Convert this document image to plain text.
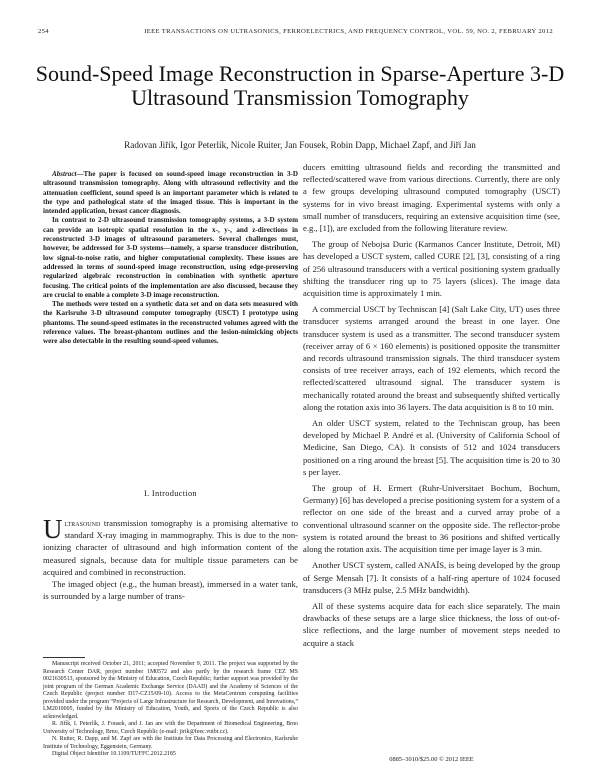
254	IEEE TRANSACTIONS ON ULTRASONICS, FERROELECTRICS, AND FREQUENCY CONTROL, VOL. 59, NO. 2, FEBRUARY 2012
Sound-Speed Image Reconstruction in Sparse-Aperture 3-D Ultrasound Transmission Tomography
Radovan Jiřík, Igor Peterlík, Nicole Ruiter, Jan Fousek, Robin Dapp, Michael Zapf, and Jiří Jan

Abstract—The paper is focused on sound-speed image reconstruction in 3-D ultrasound transmission tomography. Along with ultrasound reflectivity and the attenuation coefficient, sound speed is an important parameter which is related to the type and pathological state of the imaged tissue. This is important in the intended application, breast cancer diagnosis.

In contrast to 2-D ultrasound transmission tomography systems, a 3-D system can provide an isotropic spatial resolution in the x-, y-, and z-directions in reconstructed 3-D images of ultrasound parameters. Several challenges must, however, be addressed for 3-D systems—namely, a sparse transducer distribution, low signal-to-noise ratio, and higher computational complexity. These issues are addressed in terms of sound-speed image reconstruction, using edge-preserving regularized algebraic reconstruction in combination with synthetic aperture focusing. The critical points of the implementation are also discussed, because they are crucial to enable a complete 3-D image reconstruction.

The methods were tested on a synthetic data set and on data sets measured with the Karlsruhe 3-D ultrasound computer tomography (USCT) I prototype using phantoms. The sound-speed estimates in the reconstructed volumes agreed with the reference values. The breast-phantom outlines and the lesion-mimicking objects were also detectable in the resulting sound-speed volumes.

I. Introduction

Ultrasound transmission tomography is a promising alternative to standard X-ray imaging in mammography. This is due to the non-ionizing character of ultrasound and high information content of the measured signals, because data for multiple tissue parameters can be acquired and combined in reconstruction.

The imaged object (e.g., the human breast), immersed in a water tank, is surrounded by a large number of trans-

Manuscript received October 21, 2011; accepted November 9, 2011. The project was supported by the Research Center DAR, project number 1M0572 and also partly by the research frame CEZ MS 0021630513, sponsored by the Ministry of Education, Czech Republic; further support was provided by the joint program of the German Academic Exchange Service (DAAD) and the Academy of Sciences of the Czech Republic (project number D17-CZ15/09-10). Access to the MetaCentrum computing facilities provided under the program “Projects of Large Infrastructure for Research, Development, and Innovations,” LM2010005, funded by the Ministry of Education, Youth, and Sports of the Czech Republic is also acknowledged.

R. Jiřík, I. Peterlík, J. Fousek, and J. Jan are with the Department of Biomedical Engineering, Brno University of Technology, Brno, Czech Republic (e-mail: jirik@feec.vutbr.cz).

N. Ruiter, R. Dapp, and M. Zapf are with the Institute for Data Processing and Electronics, Karlsruhe Institute of Technology, Eggenstein, Germany.

Digital Object Identifier 10.1109/TUFFC.2012.2185

ducers emitting ultrasound fields and recording the transmitted and reflected/scattered wave from various directions. Currently, there are only a few groups developing ultrasound computed tomography (USCT) systems for in vivo breast imaging. Experimental systems with only a small number of transducers, requiring an extensive acquisition time (see, e.g., [1]), are excluded from the following literature review.

The group of Nebojsa Duric (Karmanos Cancer Institute, Detroit, MI) has developed a USCT system, called CURE [2], [3], consisting of a ring of 256 ultrasound transducers with a vertical positioning system gradually shifting the transducer ring up to 75 layers (slices). The image data acquisition time is approximately 1 min.

A commercial USCT by Techniscan [4] (Salt Lake City, UT) uses three transducer systems arranged around the breast in one layer. One transducer system is used as a transmitter. The second transducer system (receiver array of 6 × 160 elements) is positioned opposite the transmitter and records ultrasound transmission signals. The third transducer system consists of tree receiver arrays, each of 192 elements, which record the reflected/scattered ultrasound signal. The transducer system is mechanically rotated around the breast and subsequently shifted vertically along the rotation axis into 36 layers. The data acquisition is 8 to 10 min.

An older USCT system, related to the Techniscan group, has been developed by Michael P. André et al. (University of California School of Medicine, San Diego, CA). It consists of 512 and 1024 transducers positioned on a ring around the breast [5]. The acquisition time is 20 to 30 s per layer.

The group of H. Ermert (Ruhr-Universitaet Bochum, Bochum, Germany) [6] has developed a precise positioning system for a system of a reflector on one side of the breast and a curved array probe of a conventional ultrasound scanner on the opposite side. The reflector-probe system is rotated around the breast to 36 positions and shifted vertically along the rotation axis. The acquisition time per image layer is 3 min.

Another USCT system, called ANAÏS, is being developed by the group of Serge Mensah [7]. It consists of a half-ring aperture of 1024 focused transducers (3 MHz pulse, 2.5 MHz bandwidth).

All of these systems acquire data for each slice separately. The main drawbacks of these setups are a large slice thickness, the loss of out-of-slice reflections, and the large number of movement steps needed to acquire a stack

0885–3010/$25.00 © 2012 IEEE
